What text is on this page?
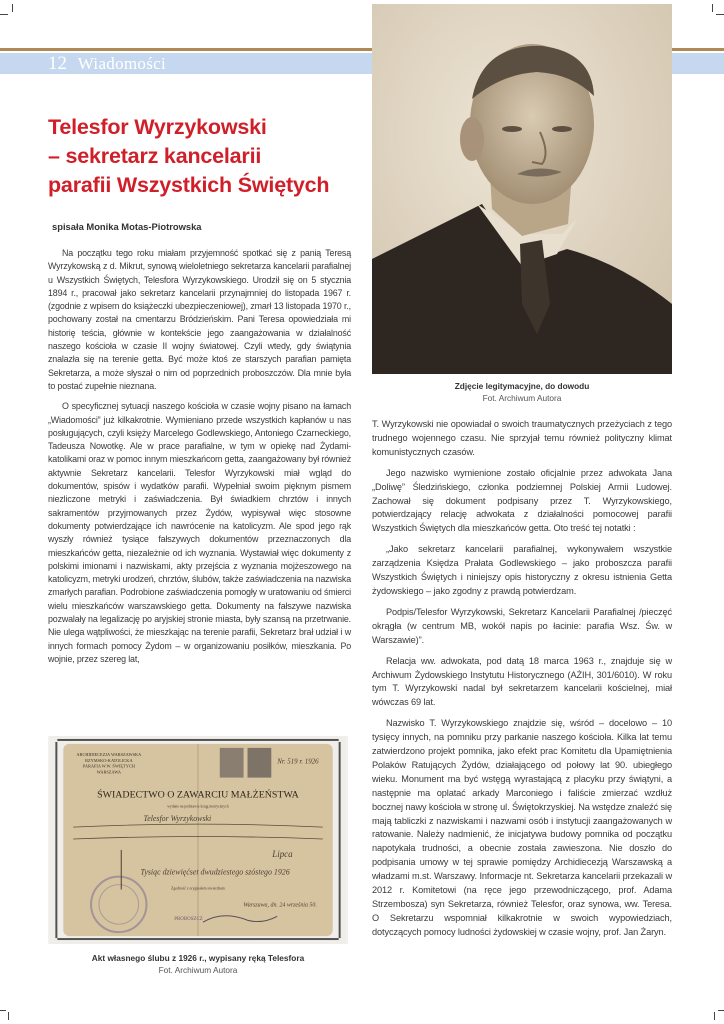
12 Wiadomości
Zdjęcie legitymacyjne, do dowodu
Fot. Archiwum Autora
Telesfor Wyrzykowski
– sekretarz kancelarii
parafii Wszystkich Świętych
spisała Monika Motas-Piotrowska

Na początku tego roku miałam przyjemność spotkać się z panią Teresą Wyrzykowską z d. Mikrut, synową wieloletniego sekretarza kancelarii parafialnej u Wszystkich Świętych, Telesfora Wyrzykowskiego. Urodził się on 5 stycznia 1894 r., pracował jako sekretarz kancelarii przynajmniej do listopada 1967 r. (zgodnie z wpisem do książeczki ubezpieczeniowej), zmarł 13 listopada 1970 r., pochowany został na cmentarzu Bródzieńskim. Pani Teresa opowiedziała mi historię teścia, głównie w kontekście jego zaangażowania w działalność naszego kościoła w czasie II wojny światowej. Czyli wtedy, gdy świątynia znalazła się na terenie getta. Być może ktoś ze starszych parafian pamięta Sekretarza, a może słyszał o nim od poprzednich proboszczów. Dla mnie była to postać zupełnie nieznana.

O specyficznej sytuacji naszego kościoła w czasie wojny pisano na łamach „Wiadomości” już kilkakrotnie. Wymieniano przede wszystkich kapłanów u nas posługujących, czyli księży Marcelego Godlewskiego, Antoniego Czarneckiego, Tadeusza Nowotkę. Ale w prace parafialne, w tym w opiekę nad Żydami-katolikami oraz w pomoc innym mieszkańcom getta, zaangażowany był również aktywnie Sekretarz kancelarii. Telesfor Wyrzykowski miał wgląd do dokumentów, spisów i wydatków parafii. Wypełniał swoim pięknym pismem niezliczone metryki i zaświadczenia. Był świadkiem chrztów i innych sakramentów przyjmowanych przez Żydów, wypisywał więc stosowne dokumenty potwierdzające ich nawrócenie na katolicyzm. Ale spod jego rąk wyszły również tysiące fałszywych dokumentów przeznaczonych dla mieszkańców getta, niezależnie od ich wyznania. Wystawiał więc dokumenty z polskimi imionami i nazwiskami, akty przejścia z wyznania mojżeszowego na katolicyzm, metryki urodzeń, chrztów, ślubów, także zaświadczenia na nazwiska zmarłych parafian. Podrobione zaświadczenia pomogły w uratowaniu od śmierci wielu mieszkańców warszawskiego getta. Dokumenty na fałszywe nazwiska pozwalały na legalizację po aryjskiej stronie miasta, były szansą na przetrwanie. Nie ulega wątpliwości, że mieszkając na terenie parafii, Sekretarz brał udział i w innych formach pomocy Żydom – w organizowaniu posiłków, mieszkania. Po wojnie, przez szereg lat,

T. Wyrzykowski nie opowiadał o swoich traumatycznych przeżyciach z tego trudnego wojennego czasu. Nie sprzyjał temu również polityczny klimat komunistycznych czasów.

Jego nazwisko wymienione zostało oficjalnie przez adwokata Jana „Doliwę” Śledzińskiego, członka podziemnej Polskiej Armii Ludowej. Zachował się dokument podpisany przez T. Wyrzykowskiego, potwierdzający relację adwokata z działalności pomocowej parafii Wszystkich Świętych dla mieszkańców getta. Oto treść tej notatki :

„Jako sekretarz kancelarii parafialnej, wykonywałem wszystkie zarządzenia Księdza Prałata Godlewskiego – jako proboszcza parafii Wszystkich Świętych i niniejszy opis historyczny z okresu istnienia Getta żydowskiego – jako zgodny z prawdą potwierdzam.

Podpis/Telesfor Wyrzykowski, Sekretarz Kancelarii Parafialnej /pieczęć okrągła (w centrum MB, wokół napis po łacinie: parafia Wsz. Św. w Warszawie)”.

Relacja ww. adwokata, pod datą 18 marca 1963 r., znajduje się w Archiwum Żydowskiego Instytutu Historycznego (AŻIH, 301/6010). W roku tym T. Wyrzykowski nadal był sekretarzem kancelarii kościelnej, miał wówczas 69 lat.

Nazwisko T. Wyrzykowskiego znajdzie się, wśród – docelowo – 10 tysięcy innych, na pomniku przy parkanie naszego kościoła. Kilka lat temu zatwierdzono projekt pomnika, jako efekt prac Komitetu dla Upamiętnienia Polaków Ratujących Żydów, działającego od połowy lat 90. ubiegłego wieku. Monument ma być wstęgą wyrastającą z placyku przy świątyni, a następnie ma oplatać arkady Marconiego i faliście zmierzać wzdłuż bocznej nawy kościoła w stronę ul. Świętokrzyskiej. Na wstędze znaleźć się mają tabliczki z nazwiskami i nazwami osób i instytucji zaangażowanych w ratowanie. Należy nadmienić, że inicjatywa budowy pomnika od początku napotykała trudności, a obecnie została zawieszona. Nie doszło do podpisania umowy w tej sprawie pomiędzy Archidiecezją Warszawską a władzami m.st. Warszawy. Informacje nt. Sekretarza kancelarii przekazali w 2012 r. Komitetowi (na ręce jego przewodniczącego, prof. Adama Strzembosza) syn Sekretarza, również Telesfor, oraz synowa, ww. Teresa. O Sekretarzu wspomniał kilkakrotnie w swoich wypowiedziach, dotyczących pomocy ludności żydowskiej w czasie wojny, prof. Jan Żaryn.

ARCHIDIECEZJA WARSZAWSKA
RZYMSKO-KATOLICKA
PARAFIA W.W. ŚWIĘTYCH
WARSZAWA
Nr. 519 r. 1926
ŚWIADECTWO O ZAWARCIU MAŁŻEŃSTWA
wydane na podstawie ksiąg metrycznych
Telesfor Wyrzykowski
Lipca
Tysiąc dziewięćset dwudziestego szóstego 1926
Zgodność z oryginałem stwierdzam
Warszawa, dn. 24 września 50.
PROBOSZCZ
Akt własnego ślubu z 1926 r., wypisany ręką Telesfora
Fot. Archiwum Autora
